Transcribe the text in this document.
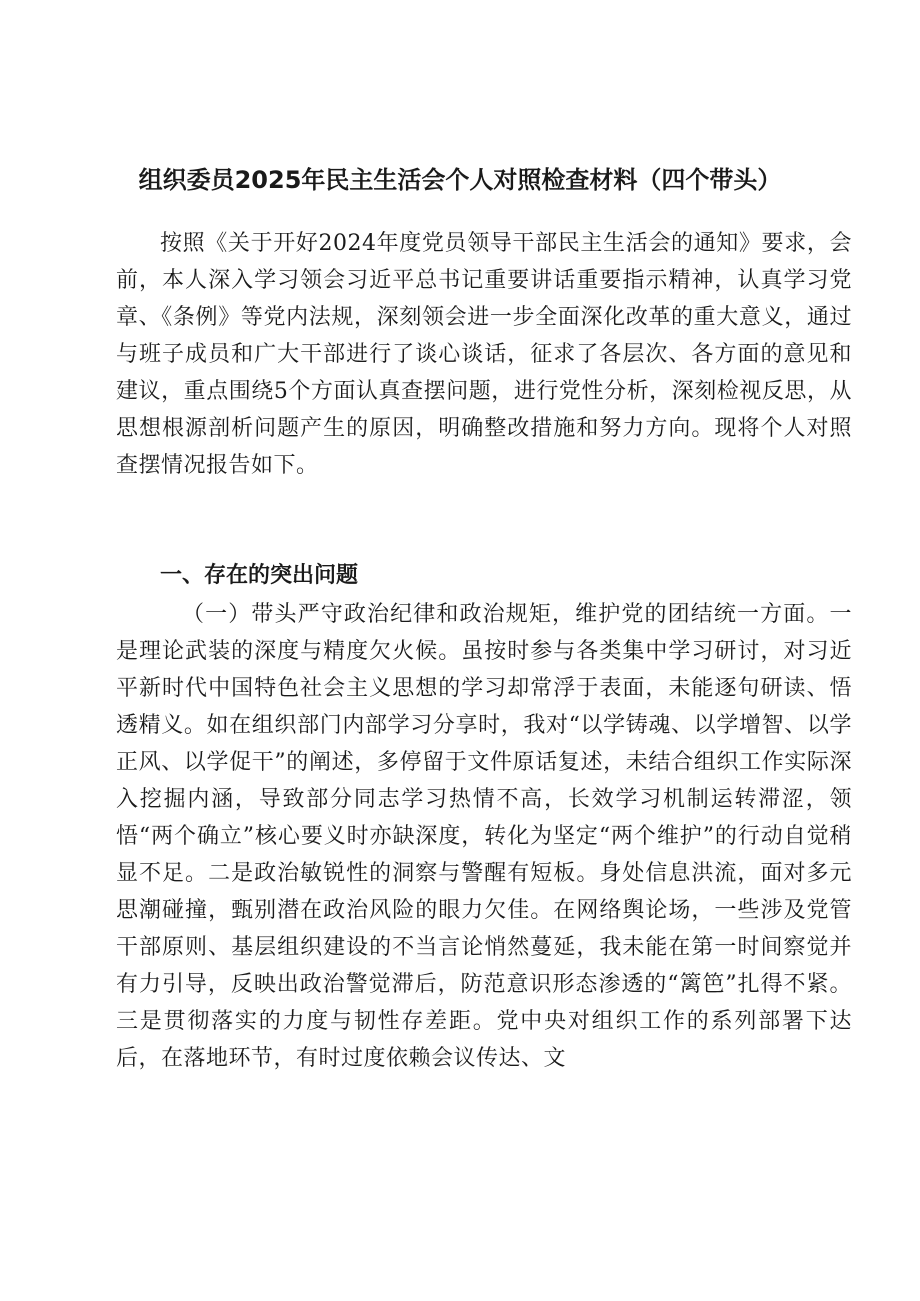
组织委员2025年民主生活会个人对照检查材料（四个带头）

按照《关于开好2024年度党员领导干部民主生活会的通知》要求，会前，本人深入学习领会习近平总书记重要讲话重要指示精神，认真学习党章、《条例》等党内法规，深刻领会进一步全面深化改革的重大意义，通过与班子成员和广大干部进行了谈心谈话，征求了各层次、各方面的意见和建议，重点围绕5个方面认真查摆问题，进行党性分析，深刻检视反思，从思想根源剖析问题产生的原因，明确整改措施和努力方向。现将个人对照查摆情况报告如下。

一、存在的突出问题

（一）带头严守政治纪律和政治规矩，维护党的团结统一方面。一是理论武装的深度与精度欠火候。虽按时参与各类集中学习研讨，对习近平新时代中国特色社会主义思想的学习却常浮于表面，未能逐句研读、悟透精义。如在组织部门内部学习分享时，我对“以学铸魂、以学增智、以学正风、以学促干”的阐述，多停留于文件原话复述，未结合组织工作实际深入挖掘内涵，导致部分同志学习热情不高，长效学习机制运转滞涩，领悟“两个确立”核心要义时亦缺深度，转化为坚定“两个维护”的行动自觉稍显不足。二是政治敏锐性的洞察与警醒有短板。身处信息洪流，面对多元思潮碰撞，甄别潜在政治风险的眼力欠佳。在网络舆论场，一些涉及党管干部原则、基层组织建设的不当言论悄然蔓延，我未能在第一时间察觉并有力引导，反映出政治警觉滞后，防范意识形态渗透的“篱笆”扎得不紧。三是贯彻落实的力度与韧性存差距。党中央对组织工作的系列部署下达后，在落地环节，有时过度依赖会议传达、文
